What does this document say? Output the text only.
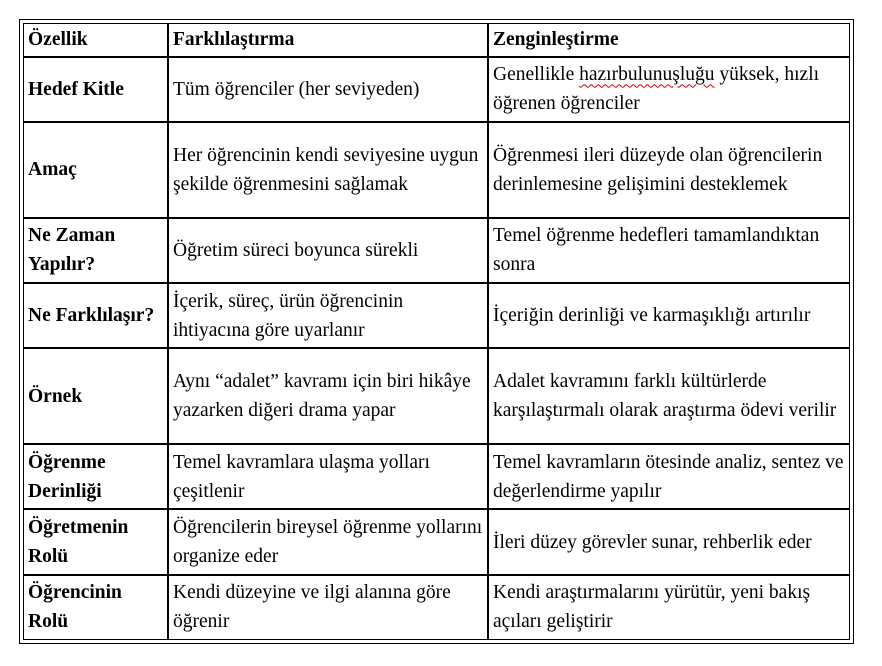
Özellik	Farklılaştırma	Zenginleştirme
Hedef Kitle	Tüm öğrenciler (her seviyeden)	Genellikle hazırbulunuşluğu yüksek, hızlı öğrenen öğrenciler
Amaç	Her öğrencinin kendi seviyesine uygun şekilde öğrenmesini sağlamak	Öğrenmesi ileri düzeyde olan öğrencilerin derinlemesine gelişimini desteklemek
Ne Zaman Yapılır?	Öğretim süreci boyunca sürekli	Temel öğrenme hedefleri tamamlandıktan sonra
Ne Farklılaşır?	İçerik, süreç, ürün öğrencinin ihtiyacına göre uyarlanır	İçeriğin derinliği ve karmaşıklığı artırılır
Örnek	Aynı “adalet” kavramı için biri hikâye yazarken diğeri drama yapar	Adalet kavramını farklı kültürlerde karşılaştırmalı olarak araştırma ödevi verilir
Öğrenme Derinliği	Temel kavramlara ulaşma yolları çeşitlenir	Temel kavramların ötesinde analiz, sentez ve değerlendirme yapılır
Öğretmenin Rolü	Öğrencilerin bireysel öğrenme yollarını organize eder	İleri düzey görevler sunar, rehberlik eder
Öğrencinin Rolü	Kendi düzeyine ve ilgi alanına göre öğrenir	Kendi araştırmalarını yürütür, yeni bakış açıları geliştirir
